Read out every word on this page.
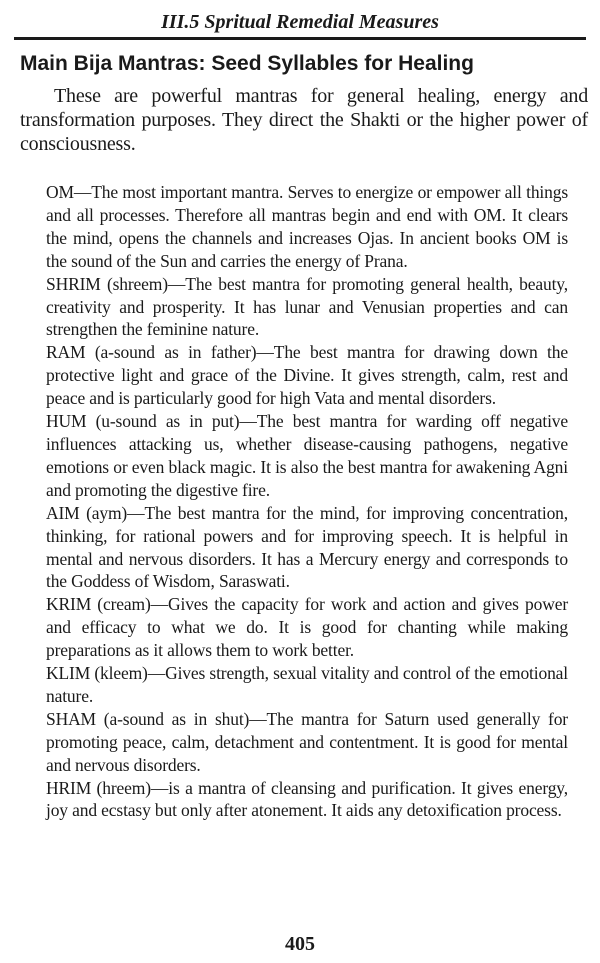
III.5 Spritual Remedial Measures
Main Bija Mantras: Seed Syllables for Healing

These are powerful mantras for general healing, energy and transformation purposes. They direct the Shakti or the higher power of consciousness.

OM—The most important mantra. Serves to energize or empower all things and all processes. Therefore all mantras begin and end with OM. It clears the mind, opens the channels and increases Ojas. In ancient books OM is the sound of the Sun and carries the energy of Prana.

SHRIM (shreem)—The best mantra for promoting general health, beauty, creativity and prosperity. It has lunar and Venusian properties and can strengthen the feminine nature.

RAM (a-sound as in father)—The best mantra for drawing down the protective light and grace of the Divine. It gives strength, calm, rest and peace and is particularly good for high Vata and mental disorders.

HUM (u-sound as in put)—The best mantra for warding off negative influences attacking us, whether disease-causing pathogens, negative emotions or even black magic. It is also the best mantra for awakening Agni and promoting the digestive fire.

AIM (aym)—The best mantra for the mind, for improving concentration, thinking, for rational powers and for improving speech. It is helpful in mental and nervous disorders. It has a Mercury energy and corresponds to the Goddess of Wisdom, Saraswati.

KRIM (cream)—Gives the capacity for work and action and gives power and efficacy to what we do. It is good for chanting while making preparations as it allows them to work better.

KLIM (kleem)—Gives strength, sexual vitality and control of the emotional nature.

SHAM (a-sound as in shut)—The mantra for Saturn used generally for promoting peace, calm, detachment and contentment. It is good for mental and nervous disorders.

HRIM (hreem)—is a mantra of cleansing and purification. It gives energy, joy and ecstasy but only after atonement. It aids any detoxification process.

405
